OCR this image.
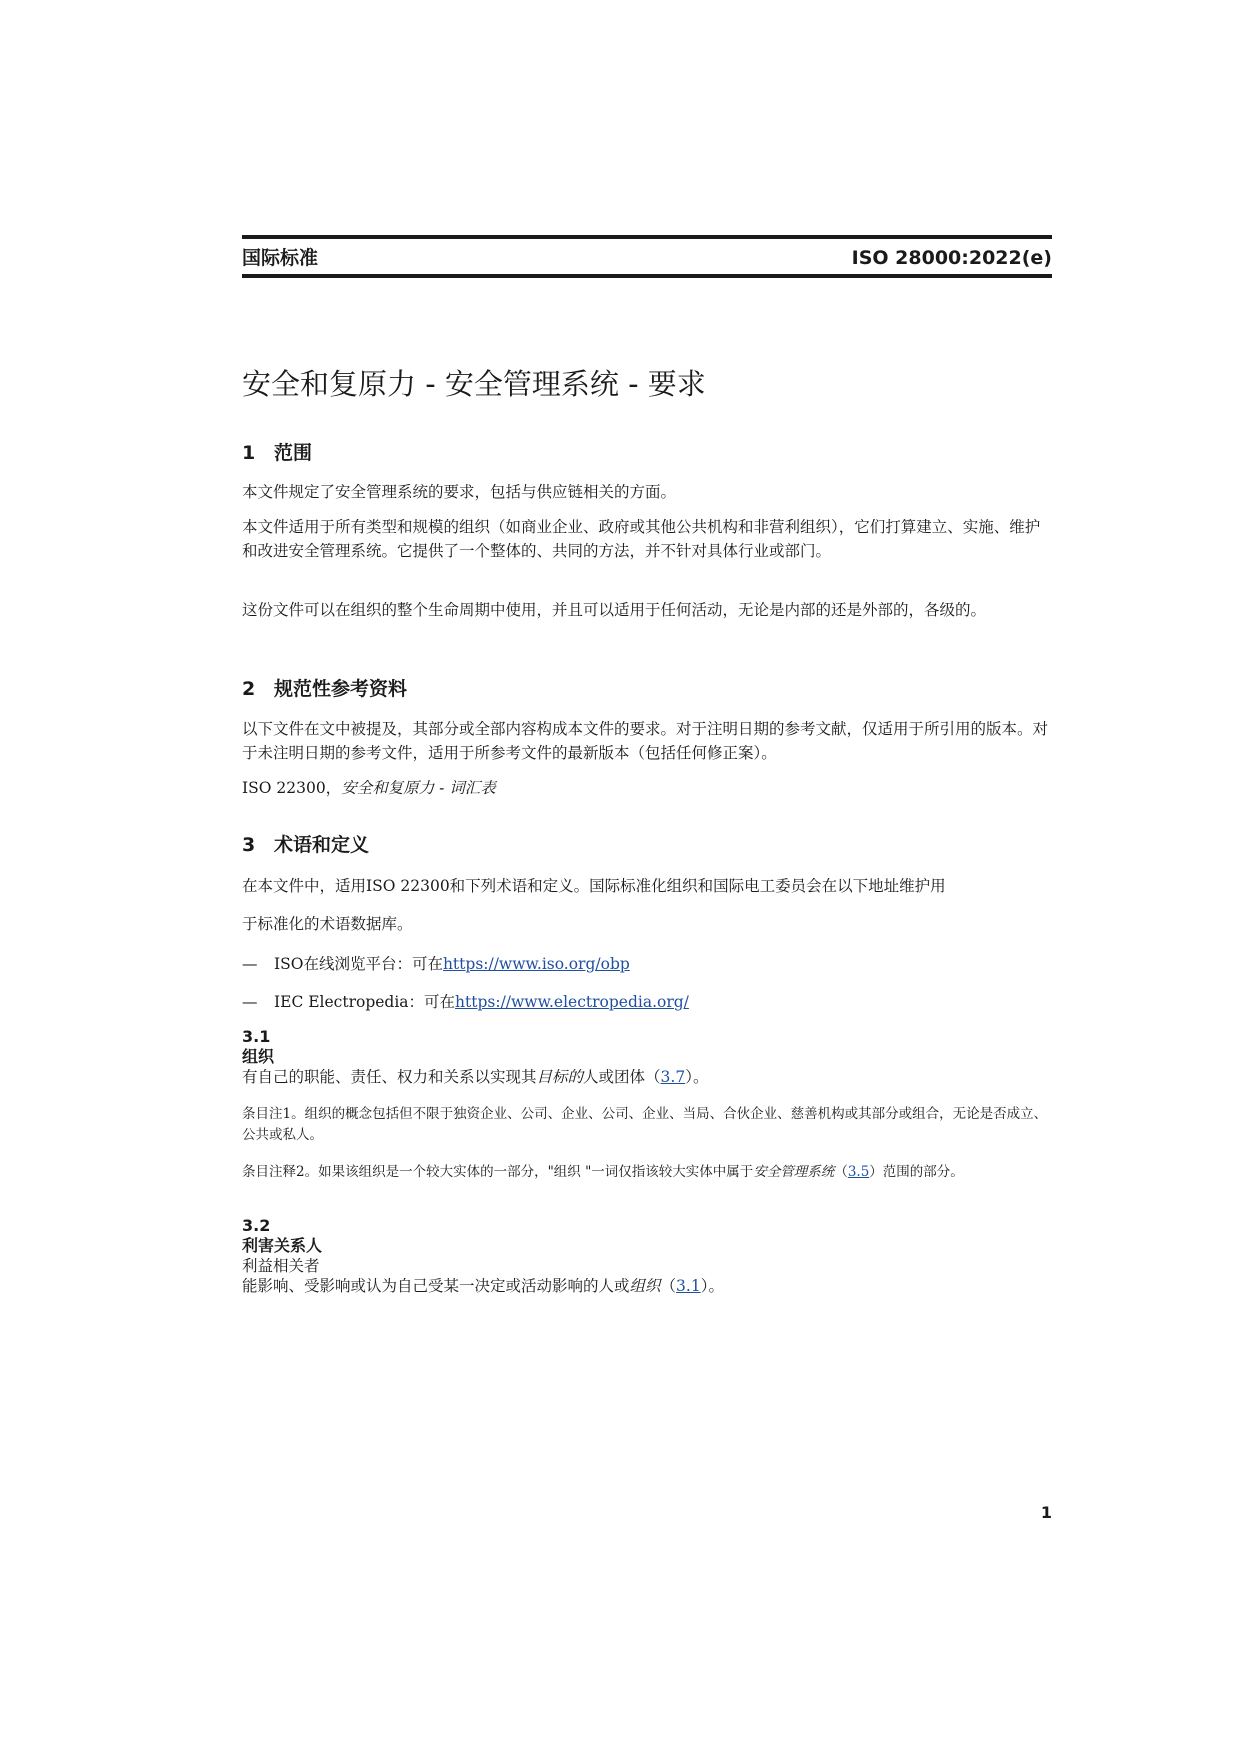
国际标准	ISO 28000:2022(e)
安全和复原力 - 安全管理系统 - 要求
1 范围

本文件规定了安全管理系统的要求，包括与供应链相关的方面。

本文件适用于所有类型和规模的组织（如商业企业、政府或其他公共机构和非营利组织），它们打算建立、实施、维护和改进安全管理系统。它提供了一个整体的、共同的方法，并不针对具体行业或部门。

这份文件可以在组织的整个生命周期中使用，并且可以适用于任何活动，无论是内部的还是外部的，各级的。

2 规范性参考资料

以下文件在文中被提及，其部分或全部内容构成本文件的要求。对于注明日期的参考文献，仅适用于所引用的版本。对于未注明日期的参考文件，适用于所参考文件的最新版本（包括任何修正案）。

ISO 22300，安全和复原力 - 词汇表

3 术语和定义

在本文件中，适用ISO 22300和下列术语和定义。国际标准化组织和国际电工委员会在以下地址维护用

于标准化的术语数据库。

— ISO在线浏览平台：可在https://www.iso.org/obp

— IEC Electropedia：可在https://www.electropedia.org/

3.1
组织
有自己的职能、责任、权力和关系以实现其目标的人或团体（3.7）。

条目注1。组织的概念包括但不限于独资企业、公司、企业、公司、企业、当局、合伙企业、慈善机构或其部分或组合，无论是否成立、公共或私人。

条目注释2。如果该组织是一个较大实体的一部分，"组织 "一词仅指该较大实体中属于安全管理系统（3.5）范围的部分。

3.2
利害关系人
利益相关者
能影响、受影响或认为自己受某一决定或活动影响的人或组织（3.1）。
1
